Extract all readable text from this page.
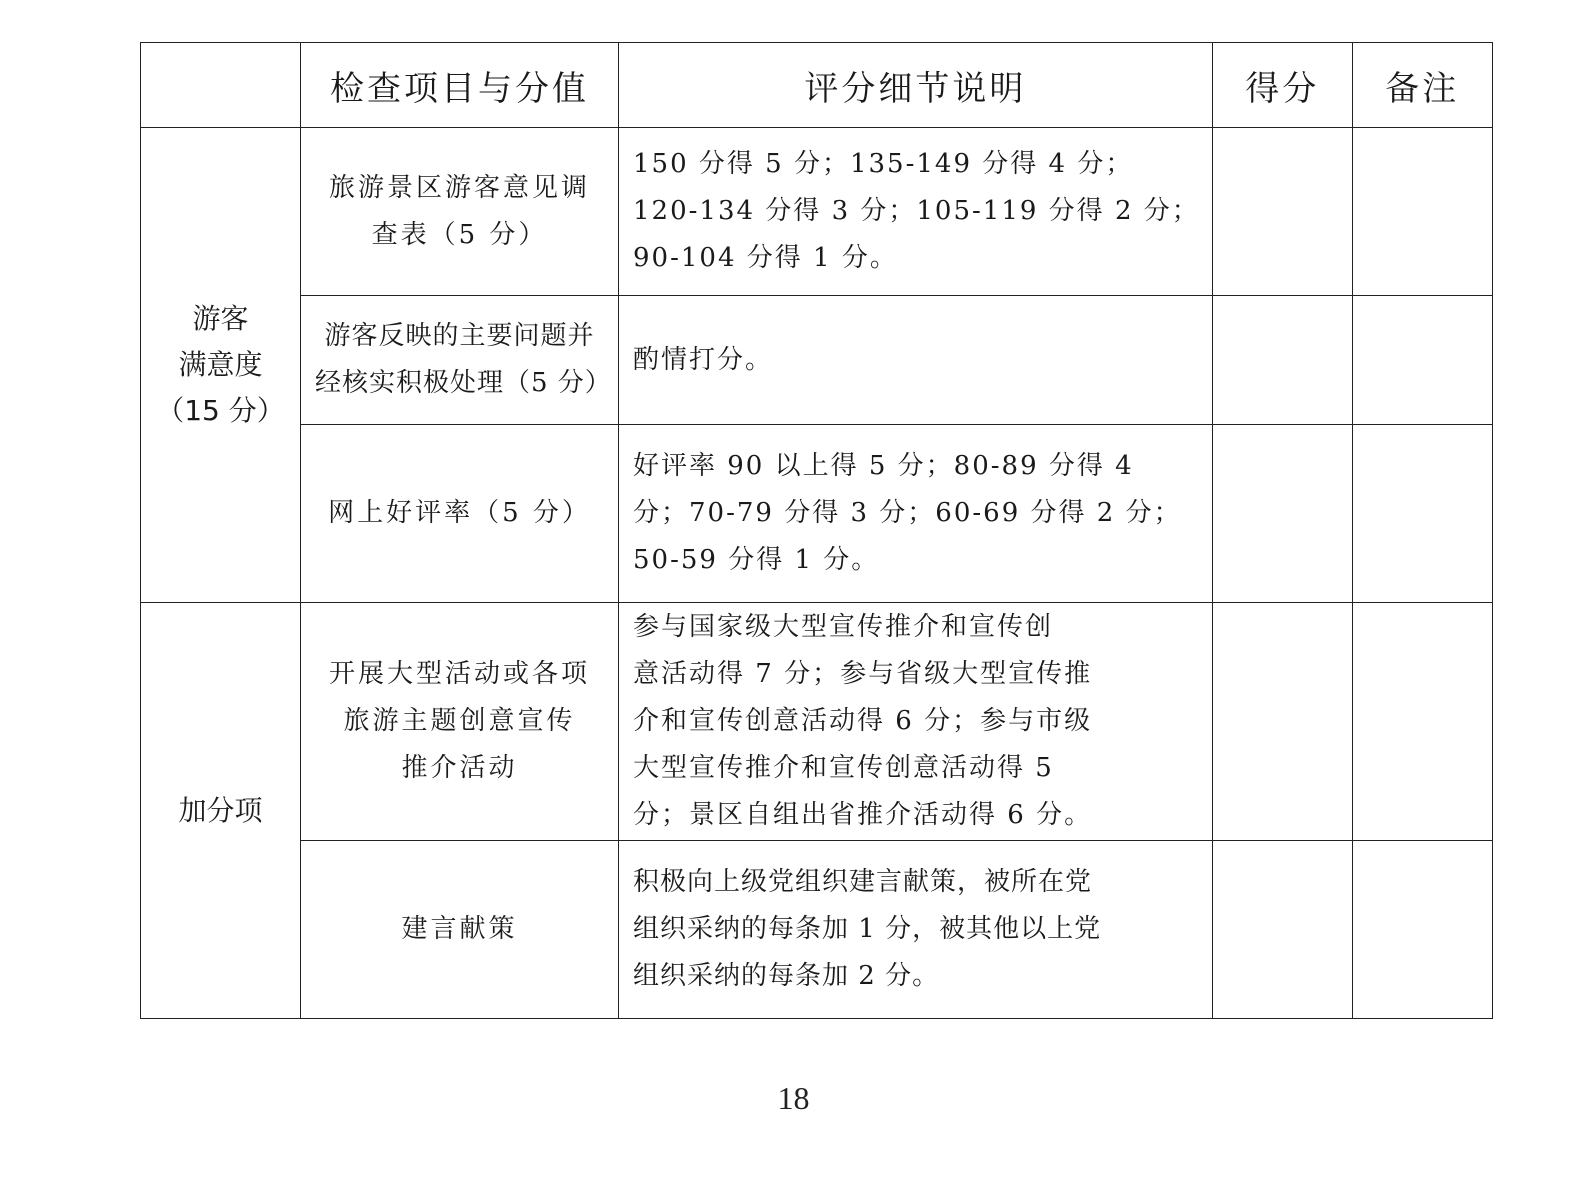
	检查项目与分值	评分细节说明	得分	备注

游客
满意度
（15 分）	旅游景区游客意见调
查表（5 分）	150 分得 5 分；135-149 分得 4 分；
120-134 分得 3 分；105-119 分得 2 分；
90-104 分得 1 分。		

	游客反映的主要问题并
经核实积极处理（5 分）	酌情打分。		

	网上好评率（5 分）	好评率 90 以上得 5 分；80-89 分得 4
分；70-79 分得 3 分；60-69 分得 2 分；
50-59 分得 1 分。		

加分项	开展大型活动或各项
旅游主题创意宣传
推介活动	参与国家级大型宣传推介和宣传创
意活动得 7 分；参与省级大型宣传推
介和宣传创意活动得 6 分；参与市级
大型宣传推介和宣传创意活动得 5
分；景区自组出省推介活动得 6 分。		

	建言献策	积极向上级党组织建言献策，被所在党
组织采纳的每条加 1 分，被其他以上党
组织采纳的每条加 2 分。		

18
